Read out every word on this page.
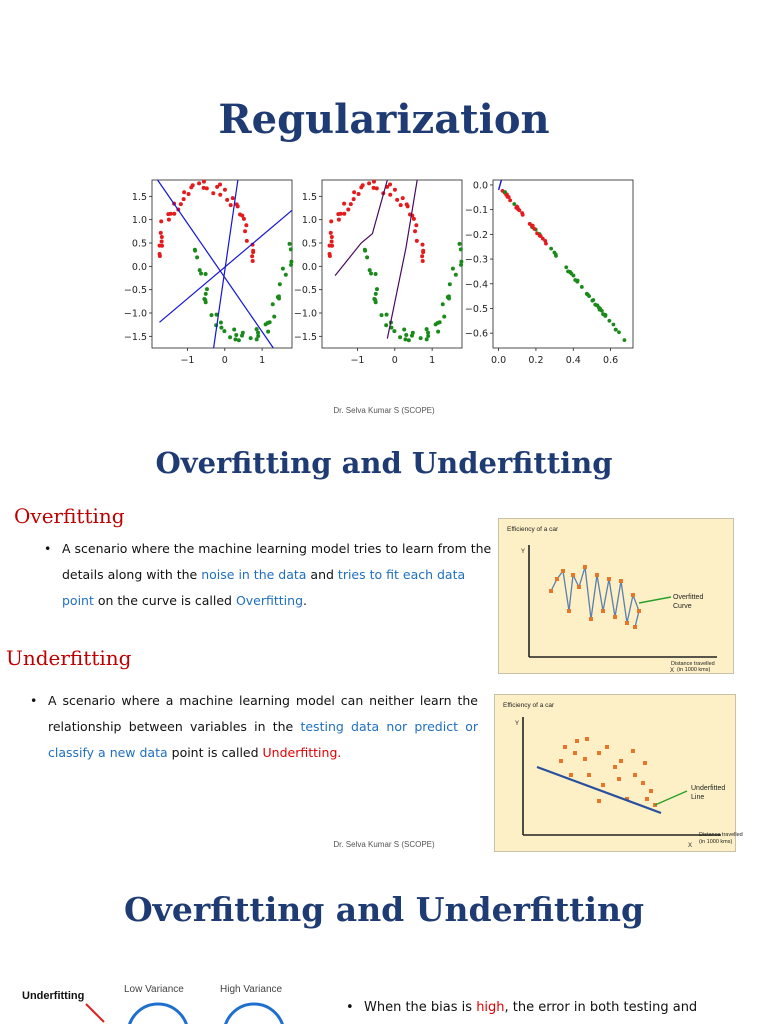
Regularization
1.5
1.0
0.5
0.0
−0.5
−1.0
−1.5
−1	0	1
1.5
1.0
0.5
0.0
−0.5
−1.0
−1.5
−1	0	1
0.0
−0.1
−0.2
−0.3
−0.4
−0.5
−0.6
0.0 0.2 0.4 0.6
Dr. Selva Kumar S (SCOPE)
Overfitting and Underfitting
Overfitting
• A scenario where the machine learning model tries to learn from the details along with the noise in the data and tries to fit each data point on the curve is called Overfitting.
Underfitting
• A scenario where a machine learning model can neither learn the relationship between variables in the testing data nor predict or classify a new data point is called Underfitting.
Efficiency of a car
Y
Distance travelled
(in 1000 kms)
X
Overfitted
Curve
Efficiency of a car
Y
Distance travelled
(in 1000 kms)
X
Underfitted
Line
Dr. Selva Kumar S (SCOPE)
Overfitting and Underfitting
Underfitting
Low Variance	High Variance
• When the bias is high, the error in both testing and
